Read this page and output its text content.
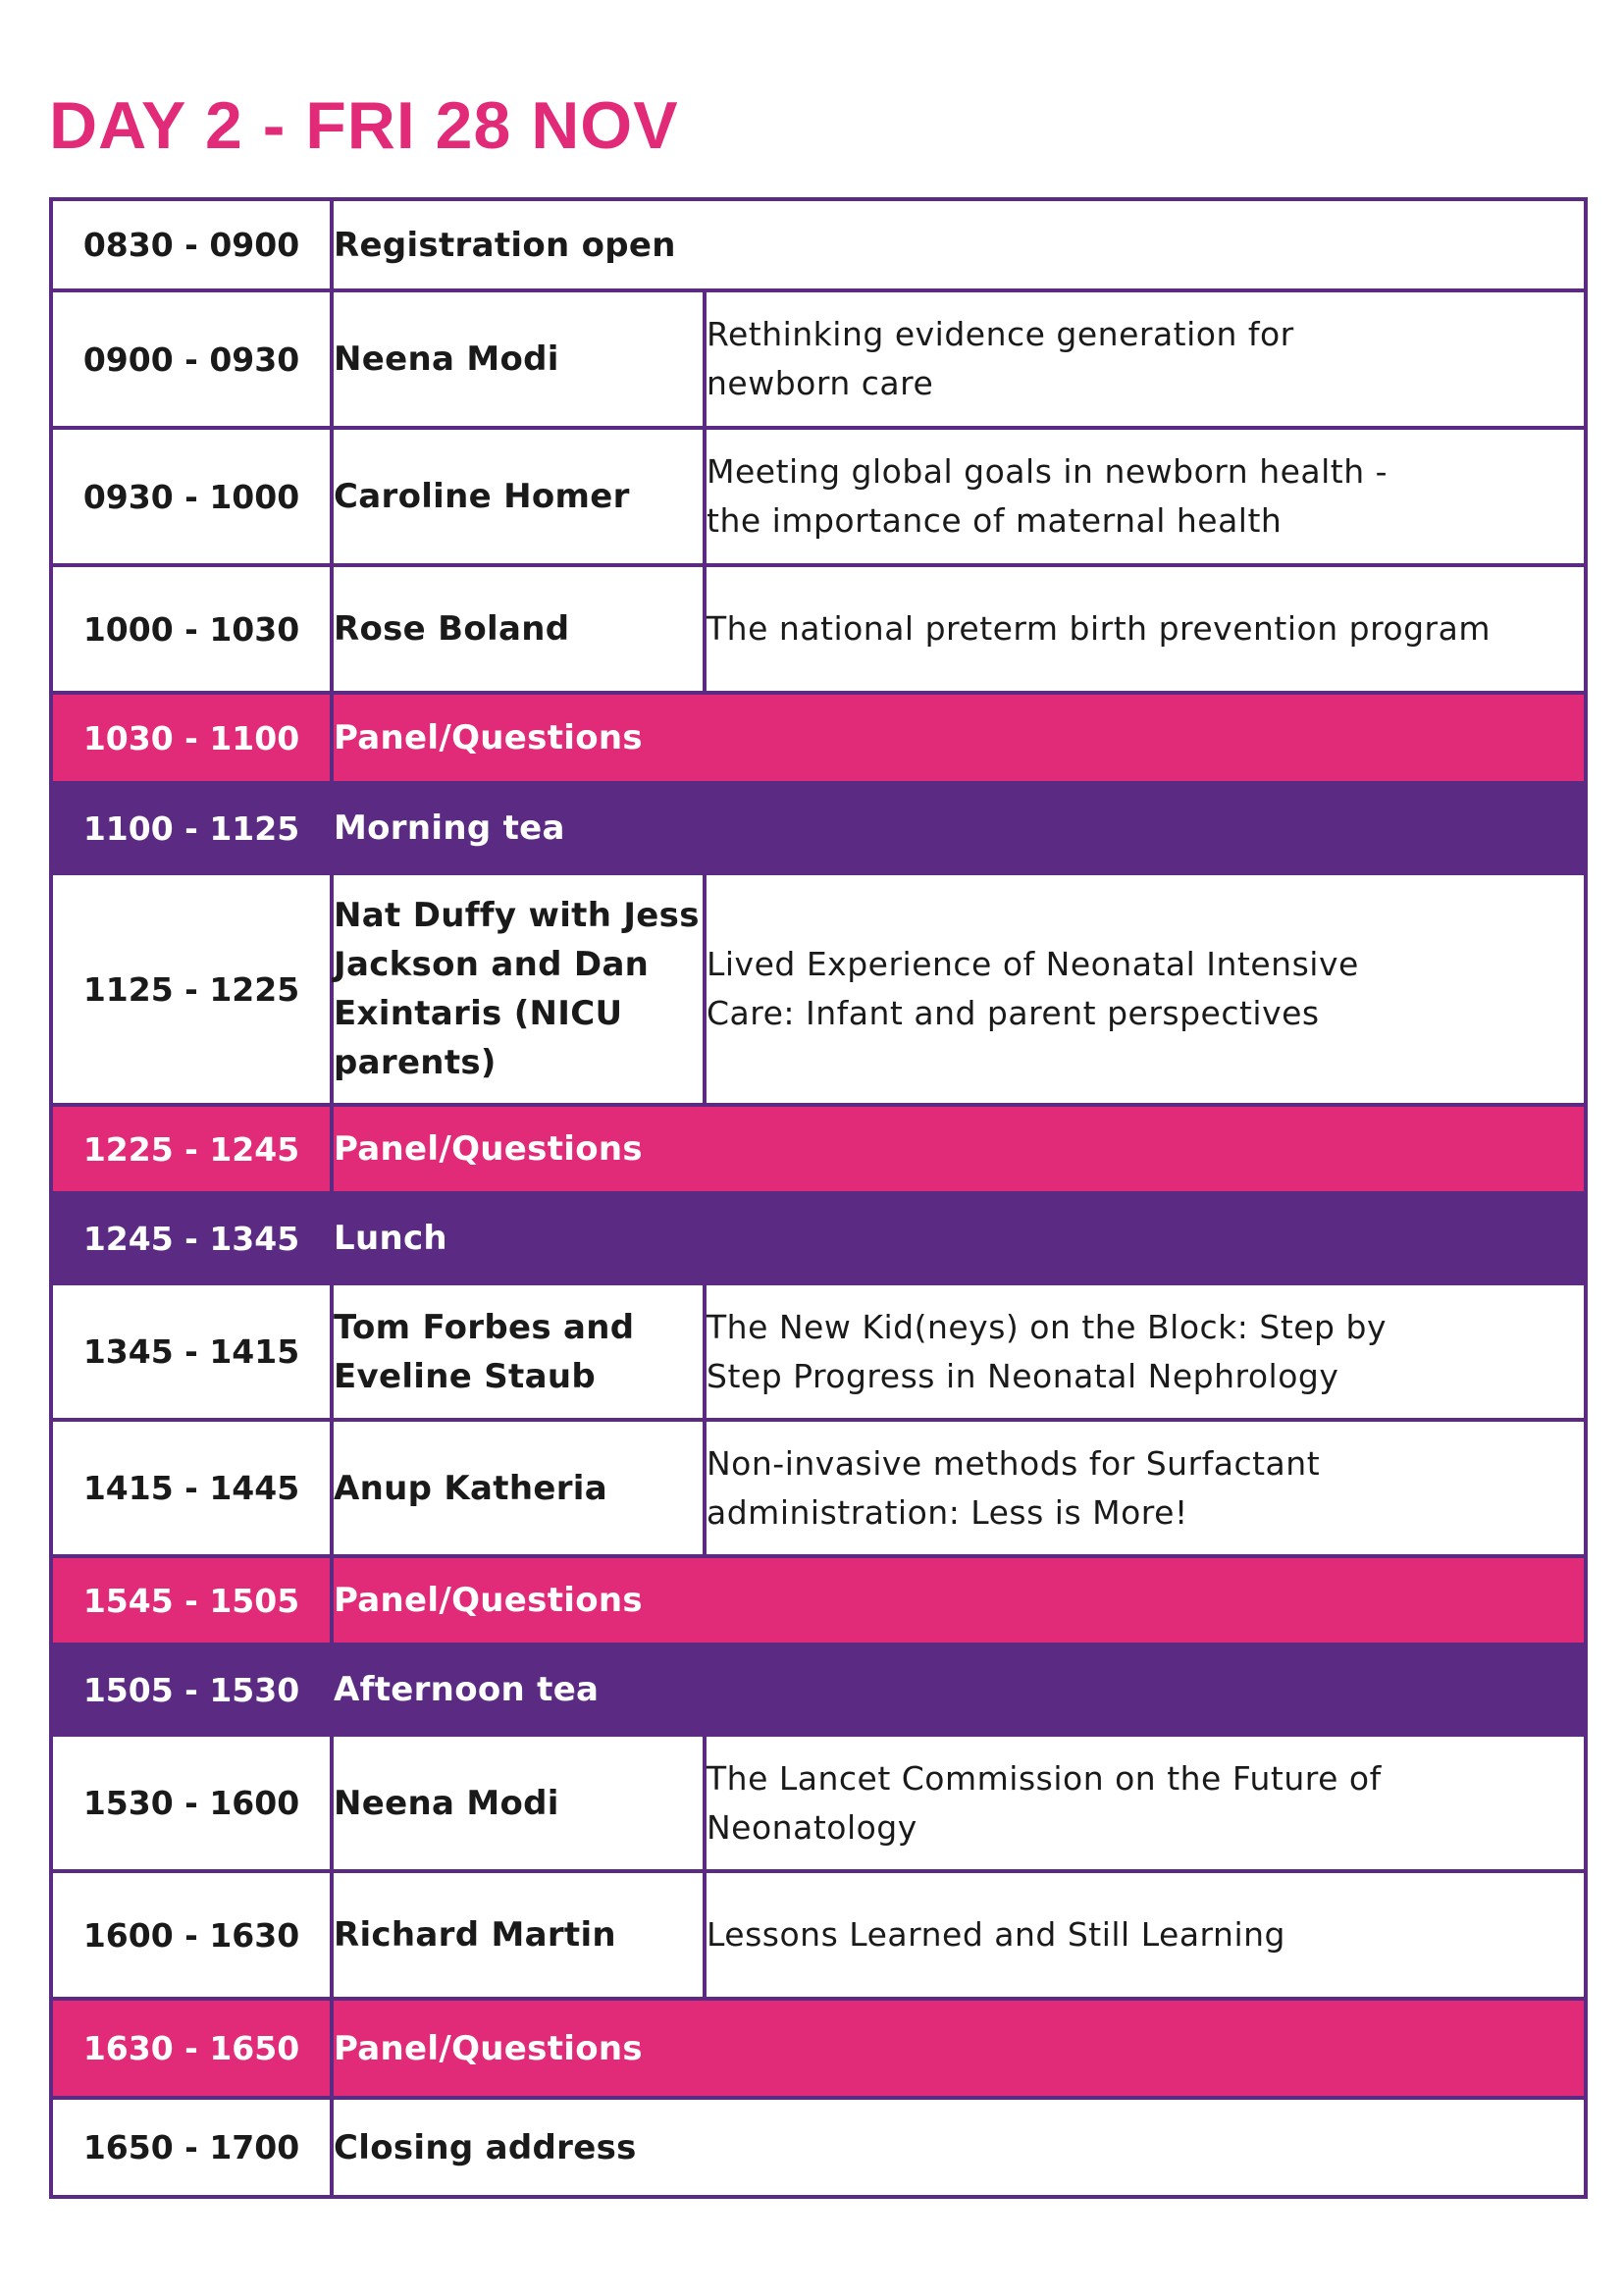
DAY 2 - FRI 28 NOV
0830 - 0900	Registration open	
0900 - 0930	Neena Modi	Rethinking evidence generation for newborn care

0930 - 1000	Caroline Homer	Meeting global goals in newborn health - the importance of maternal health

1000 - 1030	Rose Boland	The national preterm birth prevention program
1030 - 1100	Panel/Questions	
1100 - 1125	Morning tea	
1125 - 1225	Nat Duffy with Jess Jackson and Dan Exintaris (NICU parents)	Lived Experience of Neonatal Intensive Care: Infant and parent perspectives

1225 - 1245	Panel/Questions	
1245 - 1345	Lunch	
1345 - 1415	Tom Forbes and Eveline Staub	The New Kid(neys) on the Block: Step by Step Progress in Neonatal Nephrology

1415 - 1445	Anup Katheria	Non-invasive methods for Surfactant administration: Less is More!

1545 - 1505	Panel/Questions	
1505 - 1530	Afternoon tea	
1530 - 1600	Neena Modi	The Lancet Commission on the Future of Neonatology

1600 - 1630	Richard Martin	Lessons Learned and Still Learning
1630 - 1650	Panel/Questions	
1650 - 1700	Closing address	
